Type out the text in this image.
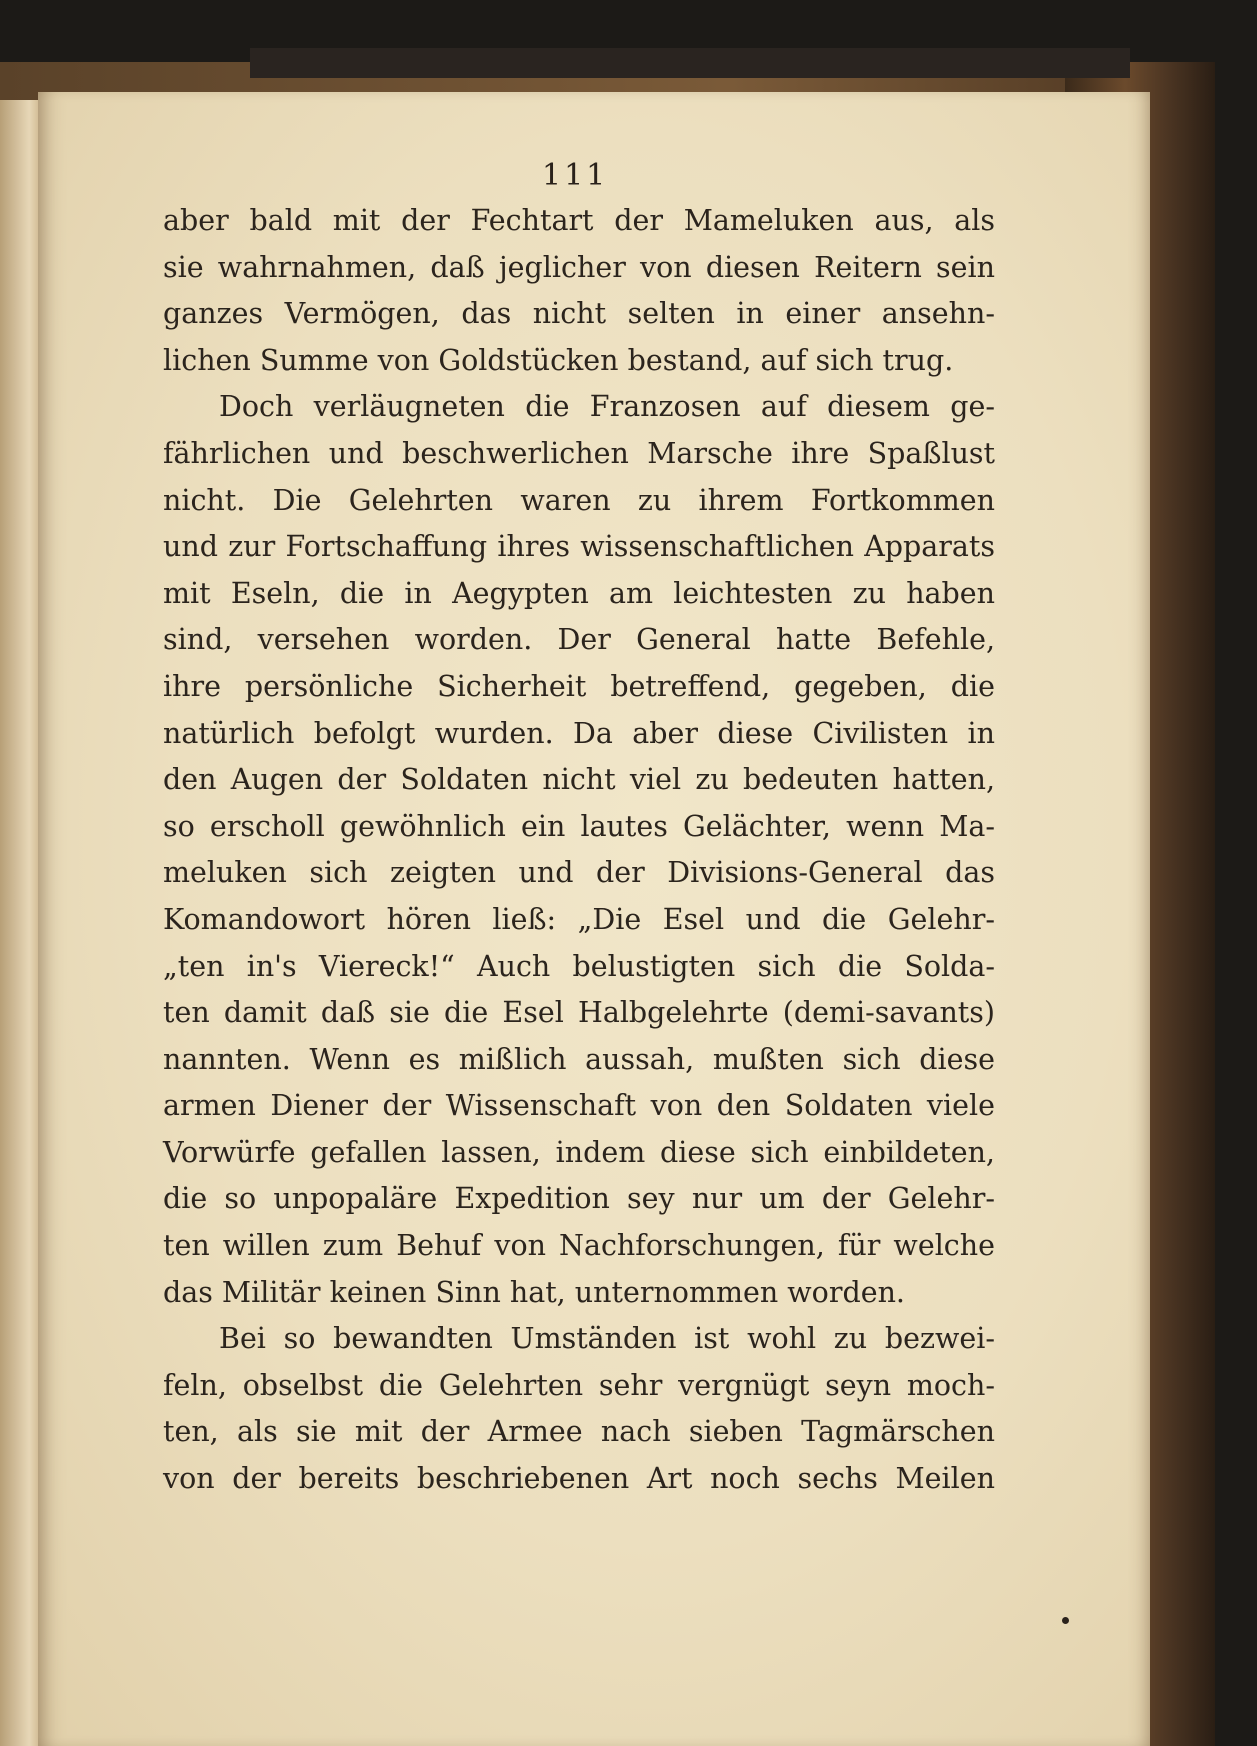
111
aber bald mit der Fechtart der Mameluken aus, als
sie wahrnahmen, daß jeglicher von diesen Reitern sein
ganzes Vermögen, das nicht selten in einer ansehn-
lichen Summe von Goldstücken bestand, auf sich trug.
Doch verläugneten die Franzosen auf diesem ge-
fährlichen und beschwerlichen Marsche ihre Spaßlust
nicht. Die Gelehrten waren zu ihrem Fortkommen
und zur Fortschaffung ihres wissenschaftlichen Apparats
mit Eseln, die in Aegypten am leichtesten zu haben
sind, versehen worden. Der General hatte Befehle,
ihre persönliche Sicherheit betreffend, gegeben, die
natürlich befolgt wurden. Da aber diese Civilisten in
den Augen der Soldaten nicht viel zu bedeuten hatten,
so erscholl gewöhnlich ein lautes Gelächter, wenn Ma-
meluken sich zeigten und der Divisions-General das
Komandowort hören ließ: „Die Esel und die Gelehr-
„ten in's Viereck!“ Auch belustigten sich die Solda-
ten damit daß sie die Esel Halbgelehrte (demi-savants)
nannten. Wenn es mißlich aussah, mußten sich diese
armen Diener der Wissenschaft von den Soldaten viele
Vorwürfe gefallen lassen, indem diese sich einbildeten,
die so unpopaläre Expedition sey nur um der Gelehr-
ten willen zum Behuf von Nachforschungen, für welche
das Militär keinen Sinn hat, unternommen worden.
Bei so bewandten Umständen ist wohl zu bezwei-
feln, obselbst die Gelehrten sehr vergnügt seyn moch-
ten, als sie mit der Armee nach sieben Tagmärschen
von der bereits beschriebenen Art noch sechs Meilen
